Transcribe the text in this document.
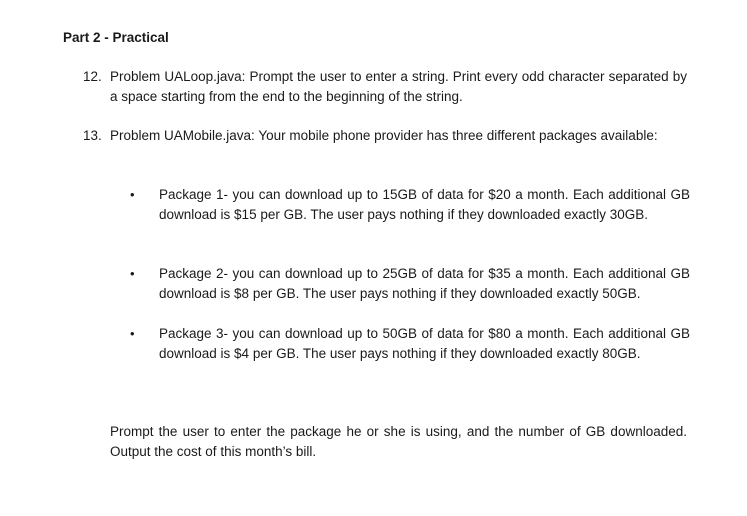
Part 2 - Practical
12. Problem UALoop.java: Prompt the user to enter a string. Print every odd character separated by a space starting from the end to the beginning of the string.
13. Problem UAMobile.java: Your mobile phone provider has three different packages available:
•	Package 1- you can download up to 15GB of data for $20 a month. Each additional GB download is $15 per GB. The user pays nothing if they downloaded exactly 30GB.
•	Package 2- you can download up to 25GB of data for $35 a month. Each additional GB download is $8 per GB. The user pays nothing if they downloaded exactly 50GB.
•	Package 3- you can download up to 50GB of data for $80 a month. Each additional GB download is $4 per GB. The user pays nothing if they downloaded exactly 80GB.
Prompt the user to enter the package he or she is using, and the number of GB downloaded. Output the cost of this month’s bill.
